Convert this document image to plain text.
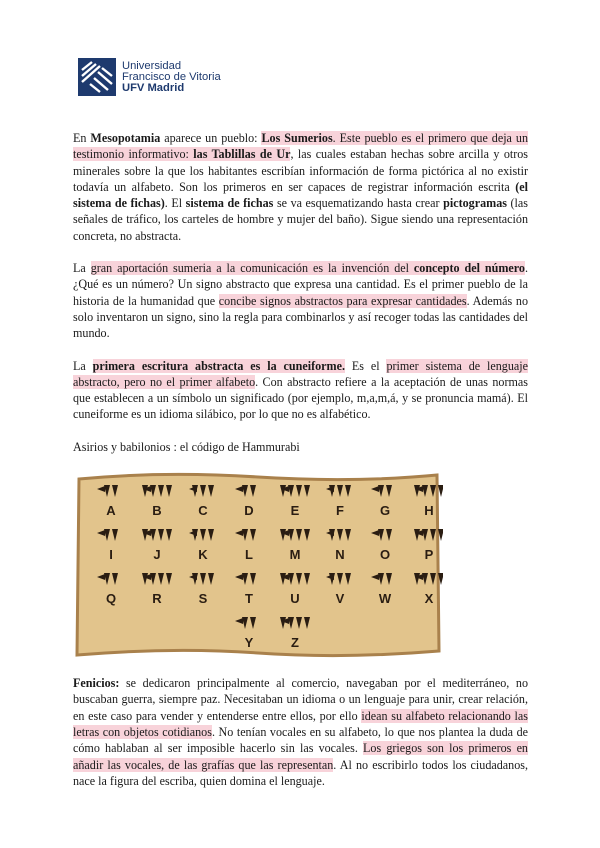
Universidad
Francisco de Vitoria
UFV Madrid

En Mesopotamia aparece un pueblo: Los Sumerios. Este pueblo es el primero que deja un testimonio informativo: las Tablillas de Ur, las cuales estaban hechas sobre arcilla y otros minerales sobre la que los habitantes escribían información de forma pictórica al no existir todavía un alfabeto. Son los primeros en ser capaces de registrar información escrita (el sistema de fichas). El sistema de fichas se va esquematizando hasta crear pictogramas (las señales de tráfico, los carteles de hombre y mujer del baño). Sigue siendo una representación concreta, no abstracta.

La gran aportación sumeria a la comunicación es la invención del concepto del número. ¿Qué es un número? Un signo abstracto que expresa una cantidad. Es el primer pueblo de la historia de la humanidad que concibe signos abstractos para expresar cantidades. Además no solo inventaron un signo, sino la regla para combinarlos y así recoger todas las cantidades del mundo.

La primera escritura abstracta es la cuneiforme. Es el primer sistema de lenguaje abstracto, pero no el primer alfabeto. Con abstracto refiere a la aceptación de unas normas que establecen a un símbolo un significado (por ejemplo, m,a,m,á, y se pronuncia mamá). El cuneiforme es un idioma silábico, por lo que no es alfabético.

Asirios y babilonios : el código de Hammurabi

A	B	C	D	E	F	G	H
I	J	K	L	M	N	O	P
Q	R	S	T	U	V	W	X
Y	Z

Fenicios: se dedicaron principalmente al comercio, navegaban por el mediterráneo, no buscaban guerra, siempre paz. Necesitaban un idioma o un lenguaje para unir, crear relación, en este caso para vender y entenderse entre ellos, por ello idean su alfabeto relacionando las letras con objetos cotidianos. No tenían vocales en su alfabeto, lo que nos plantea la duda de cómo hablaban al ser imposible hacerlo sin las vocales. Los griegos son los primeros en añadir las vocales, de las grafías que las representan. Al no escribirlo todos los ciudadanos, nace la figura del escriba, quien domina el lenguaje.
